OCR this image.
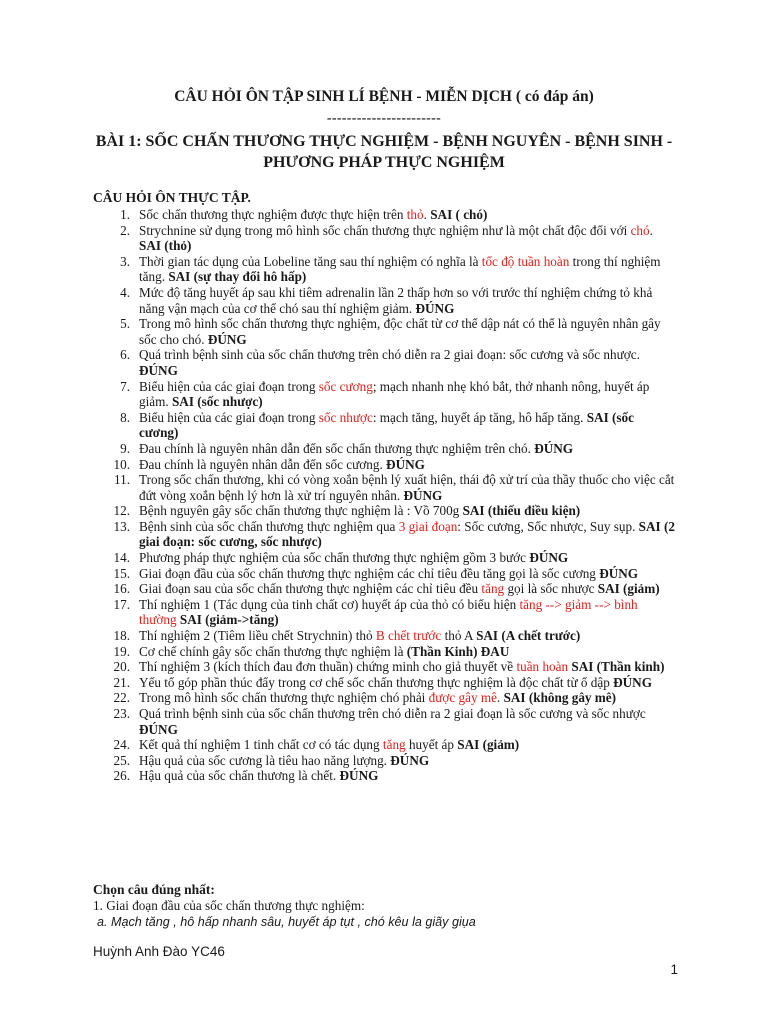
CÂU HỎI ÔN TẬP SINH LÍ BỆNH - MIỄN DỊCH ( có đáp án)
-----------------------
BÀI 1: SỐC CHẤN THƯƠNG THỰC NGHIỆM - BỆNH NGUYÊN - BỆNH SINH -
PHƯƠNG PHÁP THỰC NGHIỆM
CÂU HỎI ÔN THỰC TẬP.
1. Sốc chấn thương thực nghiệm được thực hiện trên thỏ. SAI ( chó)
2. Strychnine sử dụng trong mô hình sốc chấn thương thực nghiệm như là một chất độc đối với chó. SAI (thỏ)
3. Thời gian tác dụng của Lobeline tăng sau thí nghiệm có nghĩa là tốc độ tuần hoàn trong thí nghiệm tăng. SAI (sự thay đổi hô hấp)
4. Mức độ tăng huyết áp sau khi tiêm adrenalin lần 2 thấp hơn so với trước thí nghiệm chứng tỏ khả năng vận mạch của cơ thể chó sau thí nghiệm giảm. ĐÚNG
5. Trong mô hình sốc chấn thương thực nghiệm, độc chất từ cơ thể dập nát có thể là nguyên nhân gây sốc cho chó. ĐÚNG
6. Quá trình bệnh sinh của sốc chấn thương trên chó diễn ra 2 giai đoạn: sốc cương và sốc nhược. ĐÚNG
7. Biểu hiện của các giai đoạn trong sốc cương; mạch nhanh nhẹ khó bắt, thở nhanh nông, huyết áp giảm. SAI (sốc nhược)
8. Biểu hiện của các giai đoạn trong sốc nhược: mạch tăng, huyết áp tăng, hô hấp tăng. SAI (sốc cương)
9. Đau chính là nguyên nhân dẫn đến sốc chấn thương thực nghiệm trên chó. ĐÚNG
10. Đau chính là nguyên nhân dẫn đến sốc cương. ĐÚNG
11. Trong sốc chấn thương, khi có vòng xoắn bệnh lý xuất hiện, thái độ xử trí của thầy thuốc cho việc cắt đứt vòng xoắn bệnh lý hơn là xử trí nguyên nhân. ĐÚNG
12. Bệnh nguyên gây sốc chấn thương thực nghiệm là : Vồ 700g SAI (thiếu điều kiện)
13. Bệnh sinh của sốc chấn thương thực nghiệm qua 3 giai đoạn: Sốc cương, Sốc nhược, Suy sụp. SAI (2 giai đoạn: sốc cương, sốc nhược)
14. Phương pháp thực nghiệm của sốc chấn thương thực nghiệm gồm 3 bước ĐÚNG
15. Giai đoạn đầu của sốc chấn thương thực nghiệm các chỉ tiêu đều tăng gọi là sốc cương ĐÚNG
16. Giai đoạn sau của sốc chấn thương thực nghiệm các chỉ tiêu đều tăng gọi là sốc nhược SAI (giảm)
17. Thí nghiệm 1 (Tác dụng của tinh chất cơ) huyết áp của thỏ có biểu hiện tăng --> giảm --> bình thường SAI (giảm->tăng)
18. Thí nghiệm 2 (Tiêm liều chết Strychnin) thỏ B chết trước thỏ A SAI (A chết trước)
19. Cơ chế chính gây sốc chấn thương thực nghiệm là (Thần Kinh) ĐAU
20. Thí nghiệm 3 (kích thích đau đơn thuần) chứng minh cho giả thuyết về tuần hoàn SAI (Thần kinh)
21. Yếu tố góp phần thúc đẩy trong cơ chế sốc chấn thương thực nghiệm là độc chất từ ổ dập ĐÚNG
22. Trong mô hình sốc chấn thương thực nghiệm chó phải được gây mê. SAI (không gây mê)
23. Quá trình bệnh sinh của sốc chấn thương trên chó diễn ra 2 giai đoạn là sốc cương và sốc nhược ĐÚNG
24. Kết quả thí nghiệm 1 tinh chất cơ có tác dụng tăng huyết áp SAI (giảm)
25. Hậu quả của sốc cương là tiêu hao năng lượng. ĐÚNG
26. Hậu quả của sốc chấn thương là chết. ĐÚNG
Chọn câu đúng nhất:
1. Giai đoạn đầu của sốc chấn thương thực nghiệm:
a. Mạch tăng , hô hấp nhanh sâu, huyết áp tụt , chó kêu la giãy giụa
Huỳnh Anh Đào YC46
1
